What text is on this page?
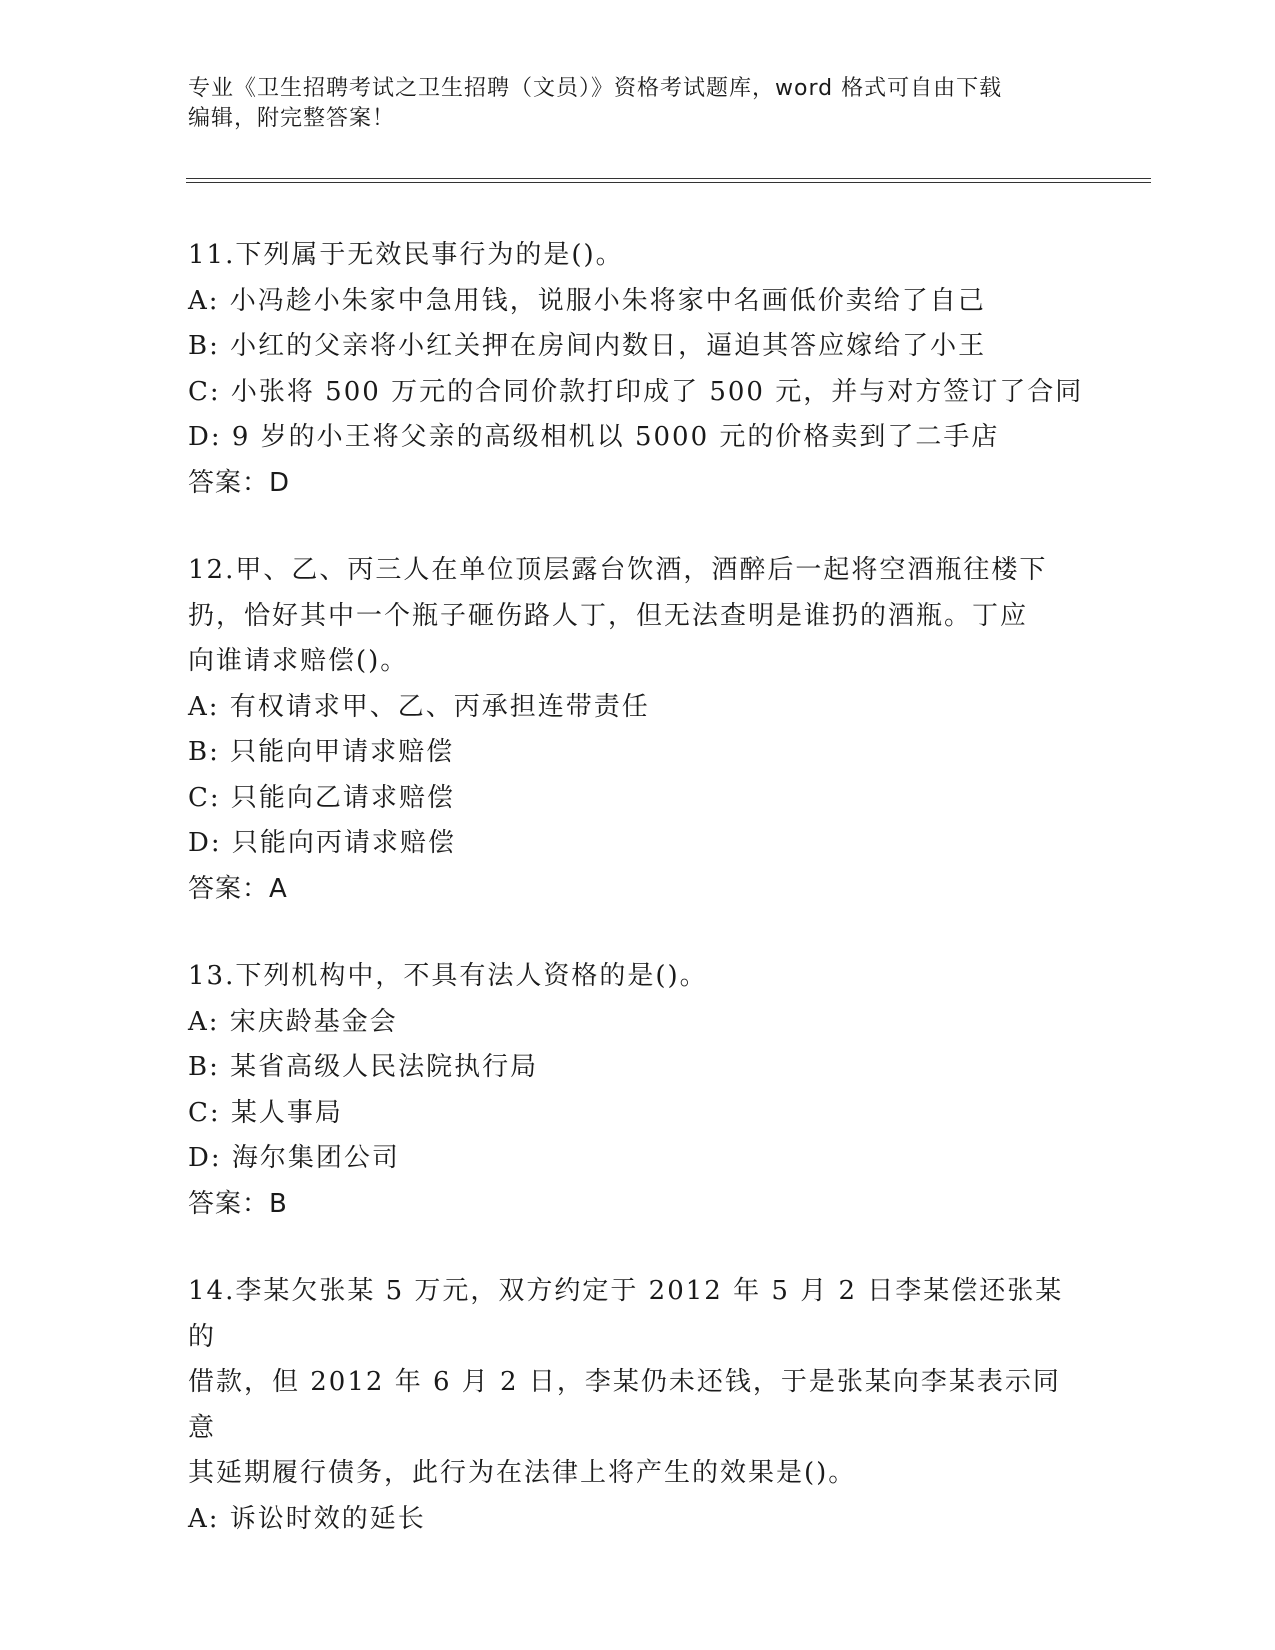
专业《卫生招聘考试之卫生招聘（文员）》资格考试题库，word 格式可自由下载
编辑，附完整答案！
11.下列属于无效民事行为的是()。
A: 小冯趁小朱家中急用钱，说服小朱将家中名画低价卖给了自己
B: 小红的父亲将小红关押在房间内数日，逼迫其答应嫁给了小王
C: 小张将 500 万元的合同价款打印成了 500 元，并与对方签订了合同
D: 9 岁的小王将父亲的高级相机以 5000 元的价格卖到了二手店
答案：D
12.甲、乙、丙三人在单位顶层露台饮酒，酒醉后一起将空酒瓶往楼下
扔，恰好其中一个瓶子砸伤路人丁，但无法查明是谁扔的酒瓶。丁应
向谁请求赔偿()。
A: 有权请求甲、乙、丙承担连带责任
B: 只能向甲请求赔偿
C: 只能向乙请求赔偿
D: 只能向丙请求赔偿
答案：A
13.下列机构中，不具有法人资格的是()。
A: 宋庆龄基金会
B: 某省高级人民法院执行局
C: 某人事局
D: 海尔集团公司
答案：B
14.李某欠张某 5 万元，双方约定于 2012 年 5 月 2 日李某偿还张某的
借款，但 2012 年 6 月 2 日，李某仍未还钱，于是张某向李某表示同意
其延期履行债务，此行为在法律上将产生的效果是()。
A: 诉讼时效的延长
